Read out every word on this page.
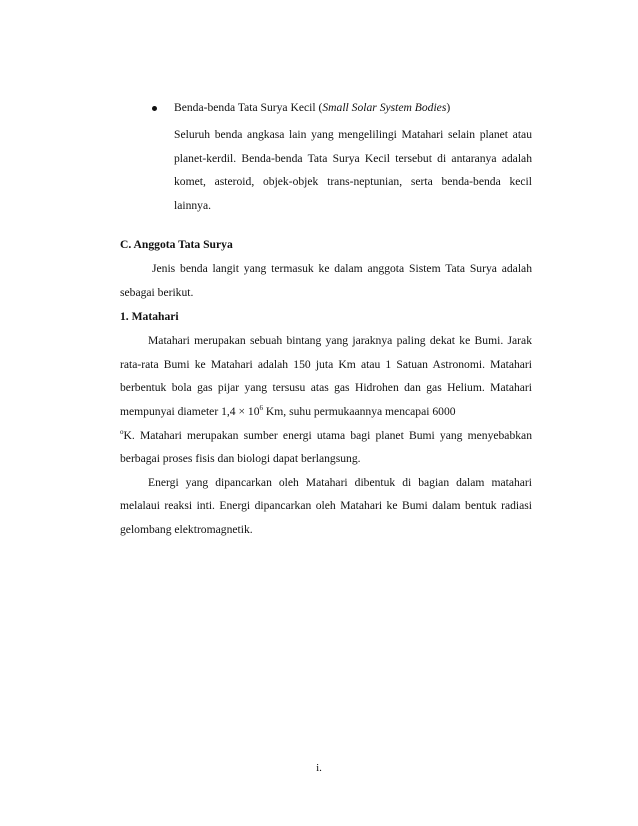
Benda-benda Tata Surya Kecil (Small Solar System Bodies)

Seluruh benda angkasa lain yang mengelilingi Matahari selain planet atau planet-kerdil. Benda-benda Tata Surya Kecil tersebut di antaranya adalah komet, asteroid, objek-objek trans-neptunian, serta benda-benda kecil lainnya.

C. Anggota Tata Surya

Jenis benda langit yang termasuk ke dalam anggota Sistem Tata Surya adalah sebagai berikut.

1. Matahari

Matahari merupakan sebuah bintang yang jaraknya paling dekat ke Bumi. Jarak rata-rata Bumi ke Matahari adalah 150 juta Km atau 1 Satuan Astronomi. Matahari berbentuk bola gas pijar yang tersusu atas gas Hidrohen dan gas Helium. Matahari mempunyai diameter $1,4 \times 10^6$ Km, suhu permukaannya mencapai 6000
$^o$K. Matahari merupakan sumber energi utama bagi planet Bumi yang menyebabkan berbagai proses fisis dan biologi dapat berlangsung.

Energi yang dipancarkan oleh Matahari dibentuk di bagian dalam matahari melalaui reaksi inti. Energi dipancarkan oleh Matahari ke Bumi dalam bentuk radiasi gelombang elektromagnetik.

i.
